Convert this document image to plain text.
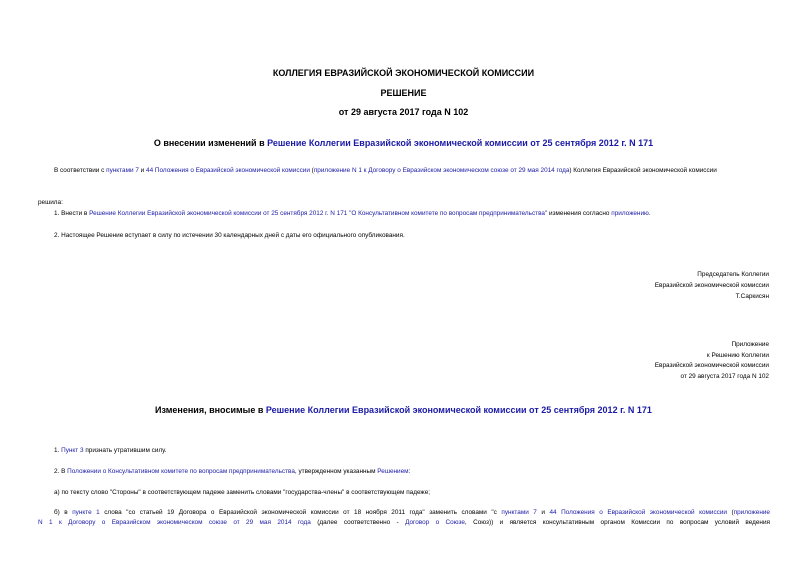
КОЛЛЕГИЯ ЕВРАЗИЙСКОЙ ЭКОНОМИЧЕСКОЙ КОМИССИИ
РЕШЕНИЕ
от 29 августа 2017 года N 102
О внесении изменений в Решение Коллегии Евразийской экономической комиссии от 25 сентября 2012 г. N 171
В соответствии с пунктами 7 и 44 Положения о Евразийской экономической комиссии (приложение N 1 к Договору о Евразийском экономическом союзе от 29 мая 2014 года) Коллегия Евразийской экономической комиссии
решила:
1. Внести в Решение Коллегии Евразийской экономической комиссии от 25 сентября 2012 г. N 171 "О Консультативном комитете по вопросам предпринимательства" изменения согласно приложению.
2. Настоящее Решение вступает в силу по истечении 30 календарных дней с даты его официального опубликования.
Председатель Коллегии
Евразийской экономической комиссии
Т.Саркисян
Приложение
к Решению Коллегии
Евразийской экономической комиссии
от 29 августа 2017 года N 102
Изменения, вносимые в Решение Коллегии Евразийской экономической комиссии от 25 сентября 2012 г. N 171
1. Пункт 3 признать утратившим силу.
2. В Положении о Консультативном комитете по вопросам предпринимательства, утвержденном указанным Решением:
а) по тексту слово "Стороны" в соответствующем падеже заменить словами "государства-члены" в соответствующем падеже;
б) в пункте 1 слова "со статьей 19 Договора о Евразийской экономической комиссии от 18 ноября 2011 года" заменить словами "с пунктами 7 и 44 Положения о Евразийской экономической комиссии (приложение
N 1 к Договору о Евразийском экономическом союзе от 29 мая 2014 года (далее соответственно - Договор о Союзе, Союз)) и является консультативным органом Комиссии по вопросам условий ведения
